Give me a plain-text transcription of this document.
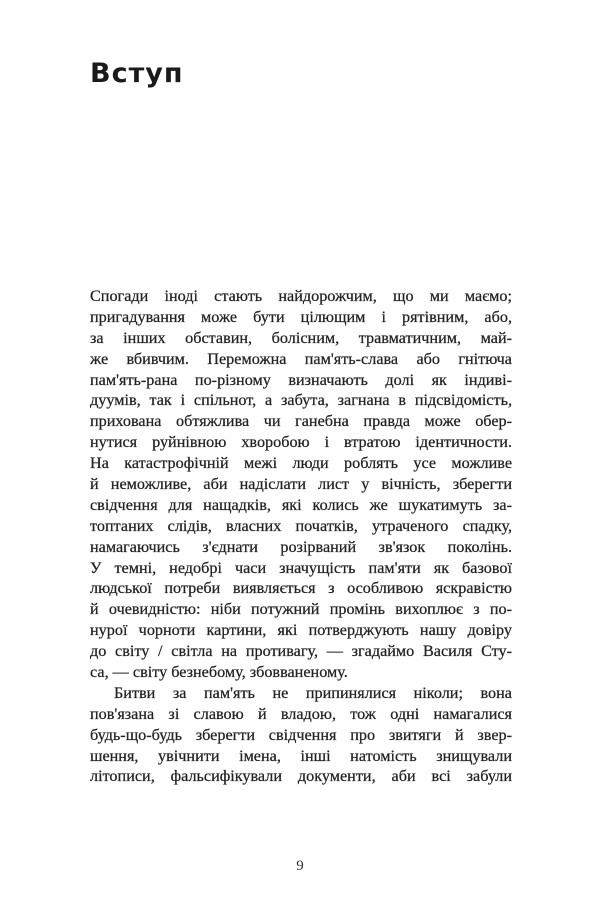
Вступ
Спогади іноді стають найдорожчим, що ми маємо;
пригадування може бути цілющим і рятівним, або,
за інших обставин, болісним, травматичним, май-
же вбивчим. Переможна пам'ять-слава або гнітюча
пам'ять-рана по-різному визначають долі як індиві-
дуумів, так і спільнот, а забута, загнана в підсвідомість,
прихована обтяжлива чи ганебна правда може обер-
нутися руйнівною хворобою і втратою ідентичности.
На катастрофічній межі люди роблять усе можливе
й неможливе, аби надіслати лист у вічність, зберегти
свідчення для нащадків, які колись же шукатимуть за-
топтаних слідів, власних початків, утраченого спадку,
намагаючись з'єднати розірваний зв'язок поколінь.
У темні, недобрі часи значущість пам'яти як базової
людської потреби виявляється з особливою яскравістю
й очевидністю: ніби потужний промінь вихоплює з по-
нурої чорноти картини, які потверджують нашу довіру
до світу / світла на противагу, — згадаймо Василя Сту-
са, — світу безнебому, збовваненому.
Битви за пам'ять не припинялися ніколи; вона
пов'язана зі славою й владою, тож одні намагалися
будь-що-будь зберегти свідчення про звитяги й звер-
шення, увічнити імена, інші натомість знищували
літописи, фальсифікували документи, аби всі забули
9
